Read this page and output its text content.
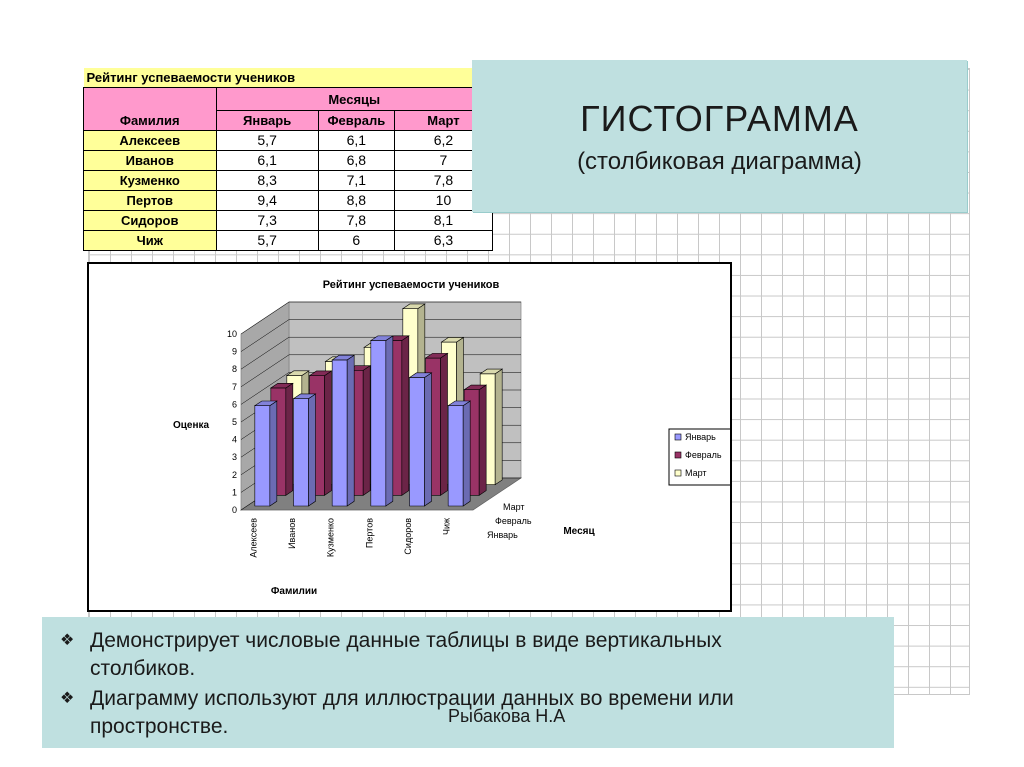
Рейтинг успеваемости учеников			
Фамилия	Месяцы		
	Январь	Февраль	Март
Алексеев	5,7	6,1	6,2
Иванов	6,1	6,8	7
Кузменко	8,3	7,1	7,8
Пертов	9,4	8,8	10
Сидоров	7,3	7,8	8,1
Чиж	5,7	6	6,3
ГИСТОГРАММА
(столбиковая диаграмма)
Рейтинг успеваемости учеников
Оценка
Фамилии
Месяц
0
1
2
3
4
5
6
7
8
9
10
Алексеев	Иванов	Кузменко	Пертов	Сидоров	Чиж	Январь
Февраль
Март
Январь
Февраль
Март
❖ Демонстрирует числовые данные таблицы в виде вертикальных столбиков.
❖ Диаграмму используют для иллюстрации данных во времени или простронстве.	Рыбакова Н.А
